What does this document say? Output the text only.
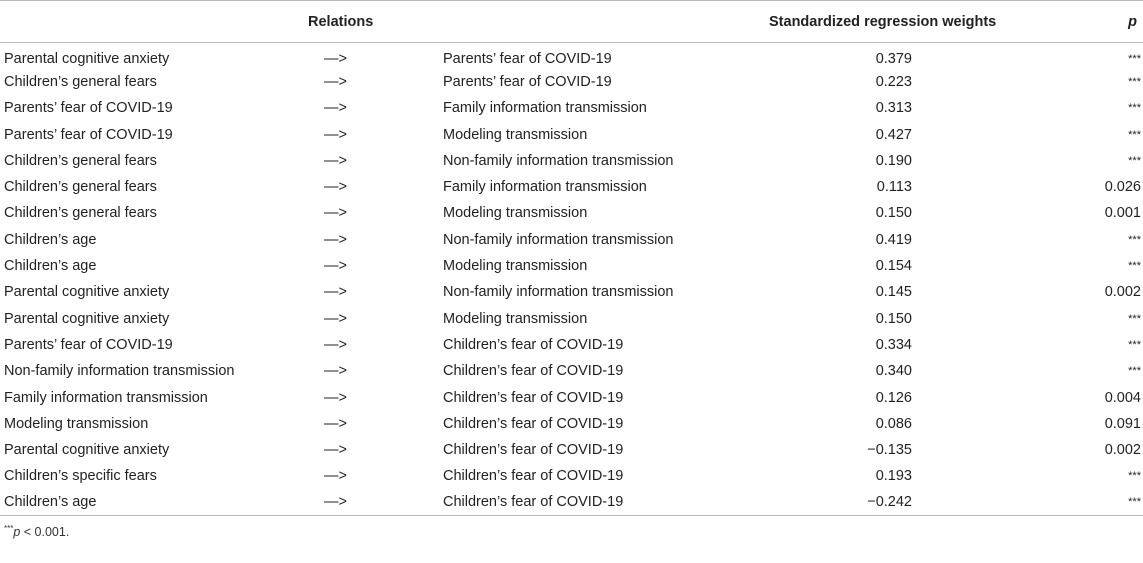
Relations			Standardized regression weights	p
Parental cognitive anxiety	—>	Parents’ fear of COVID-19	0.379	***
Children’s general fears	—>	Parents’ fear of COVID-19	0.223	***
Parents’ fear of COVID-19	—>	Family information transmission	0.313	***
Parents’ fear of COVID-19	—>	Modeling transmission	0.427	***
Children’s general fears	—>	Non-family information transmission	0.190	***
Children’s general fears	—>	Family information transmission	0.113	0.026
Children’s general fears	—>	Modeling transmission	0.150	0.001
Children’s age	—>	Non-family information transmission	0.419	***
Children’s age	—>	Modeling transmission	0.154	***
Parental cognitive anxiety	—>	Non-family information transmission	0.145	0.002
Parental cognitive anxiety	—>	Modeling transmission	0.150	***
Parents’ fear of COVID-19	—>	Children’s fear of COVID-19	0.334	***
Non-family information transmission	—>	Children’s fear of COVID-19	0.340	***
Family information transmission	—>	Children’s fear of COVID-19	0.126	0.004
Modeling transmission	—>	Children’s fear of COVID-19	0.086	0.091
Parental cognitive anxiety	—>	Children’s fear of COVID-19	−0.135	0.002
Children’s specific fears	—>	Children’s fear of COVID-19	0.193	***
Children’s age	—>	Children’s fear of COVID-19	−0.242	***
***p < 0.001.
